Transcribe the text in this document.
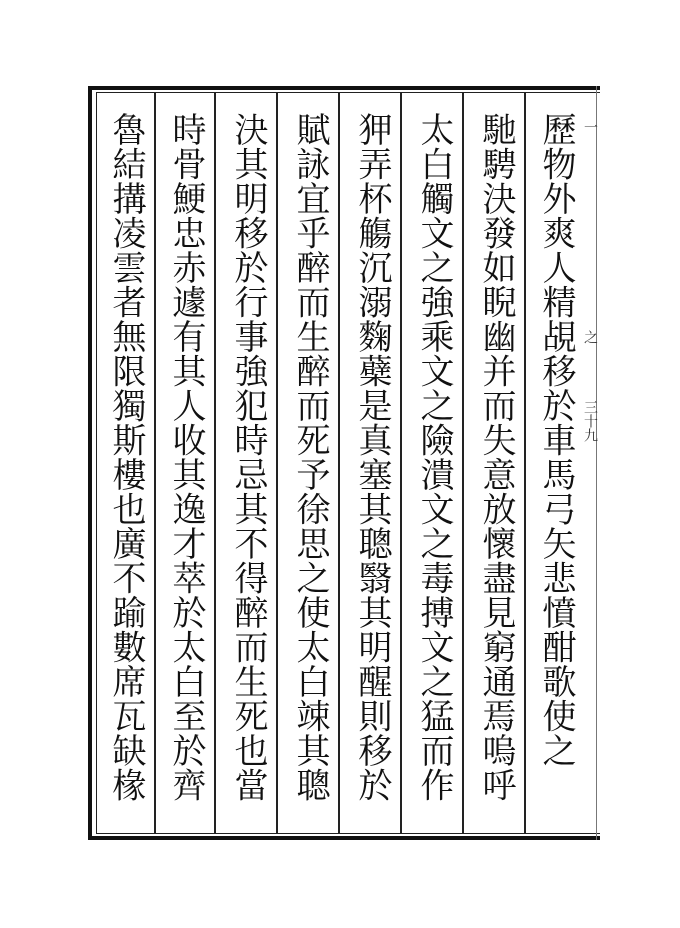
歷物外爽人精覘移於車馬弓矢悲憤酣歌使之
馳騁決發如睨幽并而失意放懷盡見窮通焉嗚呼
太白觸文之強乘文之險潰文之毒搏文之猛而作
狎弄杯觴沉溺麴蘗是真塞其聰翳其明醒則移於
賦詠宜乎醉而生醉而死予徐思之使太白竦其聰
決其明移於行事強犯時忌其不得醉而生死也當
時骨鯁忠赤遽有其人收其逸才萃於太白至於齊
魯結搆凌雲者無限獨斯樓也廣不踰數席瓦缺椽	一
之
三十九
